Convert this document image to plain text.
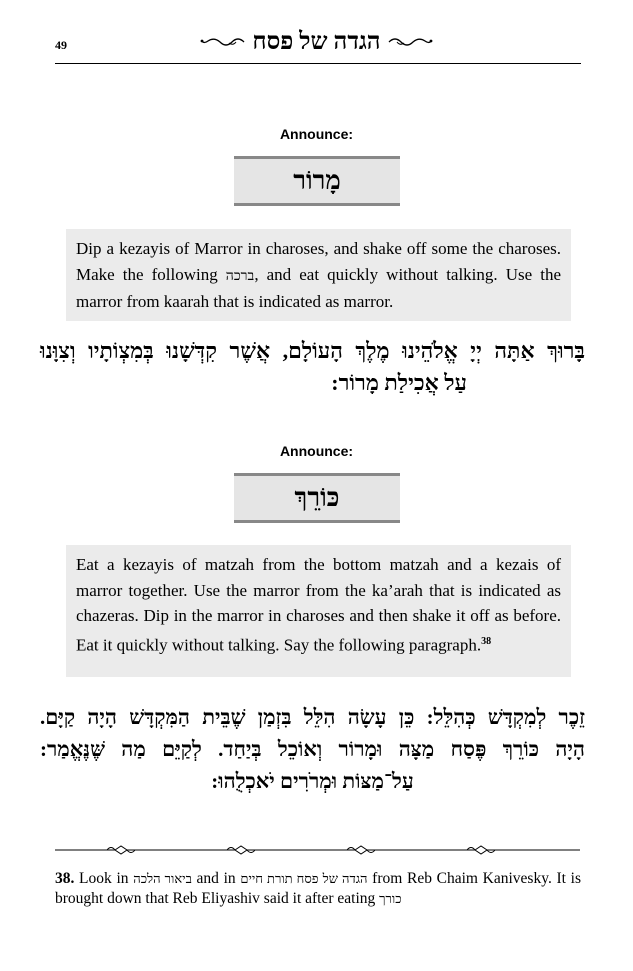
49	הגדה של פסח
Announce:
מָרוֹר
Dip a kezayis of Marror in charoses, and shake off some the charoses. Make the following ברכה, and eat quickly without talking. Use the marror from kaarah that is indicated as marror.
בָּרוּךְ אַתָּה יְיָ אֱלֹהֵינוּ מֶלֶךְ הָעוֹלָם, אֲשֶׁר קִדְּשָׁנוּ בְּמִצְוֹתָיו וְצִוָּנוּ
עַל אֲכִילַת מָרוֹר:
Announce:
כּוֹרֵךְ
Eat a kezayis of matzah from the bottom matzah and a kezais of marror together. Use the marror from the ka’arah that is indicated as chazeras. Dip in the marror in charoses and then shake it off as before. Eat it quickly without talking. Say the following paragraph.$^{38}$
זֵכֶר לְמִקְדָּשׁ כְּהִלֵּל: כֵּן עָשָׂה הִלֵּל בִּזְמַן שֶׁבֵּית הַמִּקְדָּשׁ הָיָה קַיָּם.
הָיָה כּוֹרֵךְ פֶּסַח מַצָּה וּמָרוֹר וְאוֹכֵל בְּיַחַד. לְקַיֵּם מַה שֶּׁנֶּאֱמַר:
עַל־מַצּוֹת וּמְרֹרִים יֹאכְלֻהוּ:
38. Look in ביאור הלכה and in הגדה של פסח תורת חיים from Reb Chaim Kanivesky. It is brought down that Reb Eliyashiv said it after eating כורך
